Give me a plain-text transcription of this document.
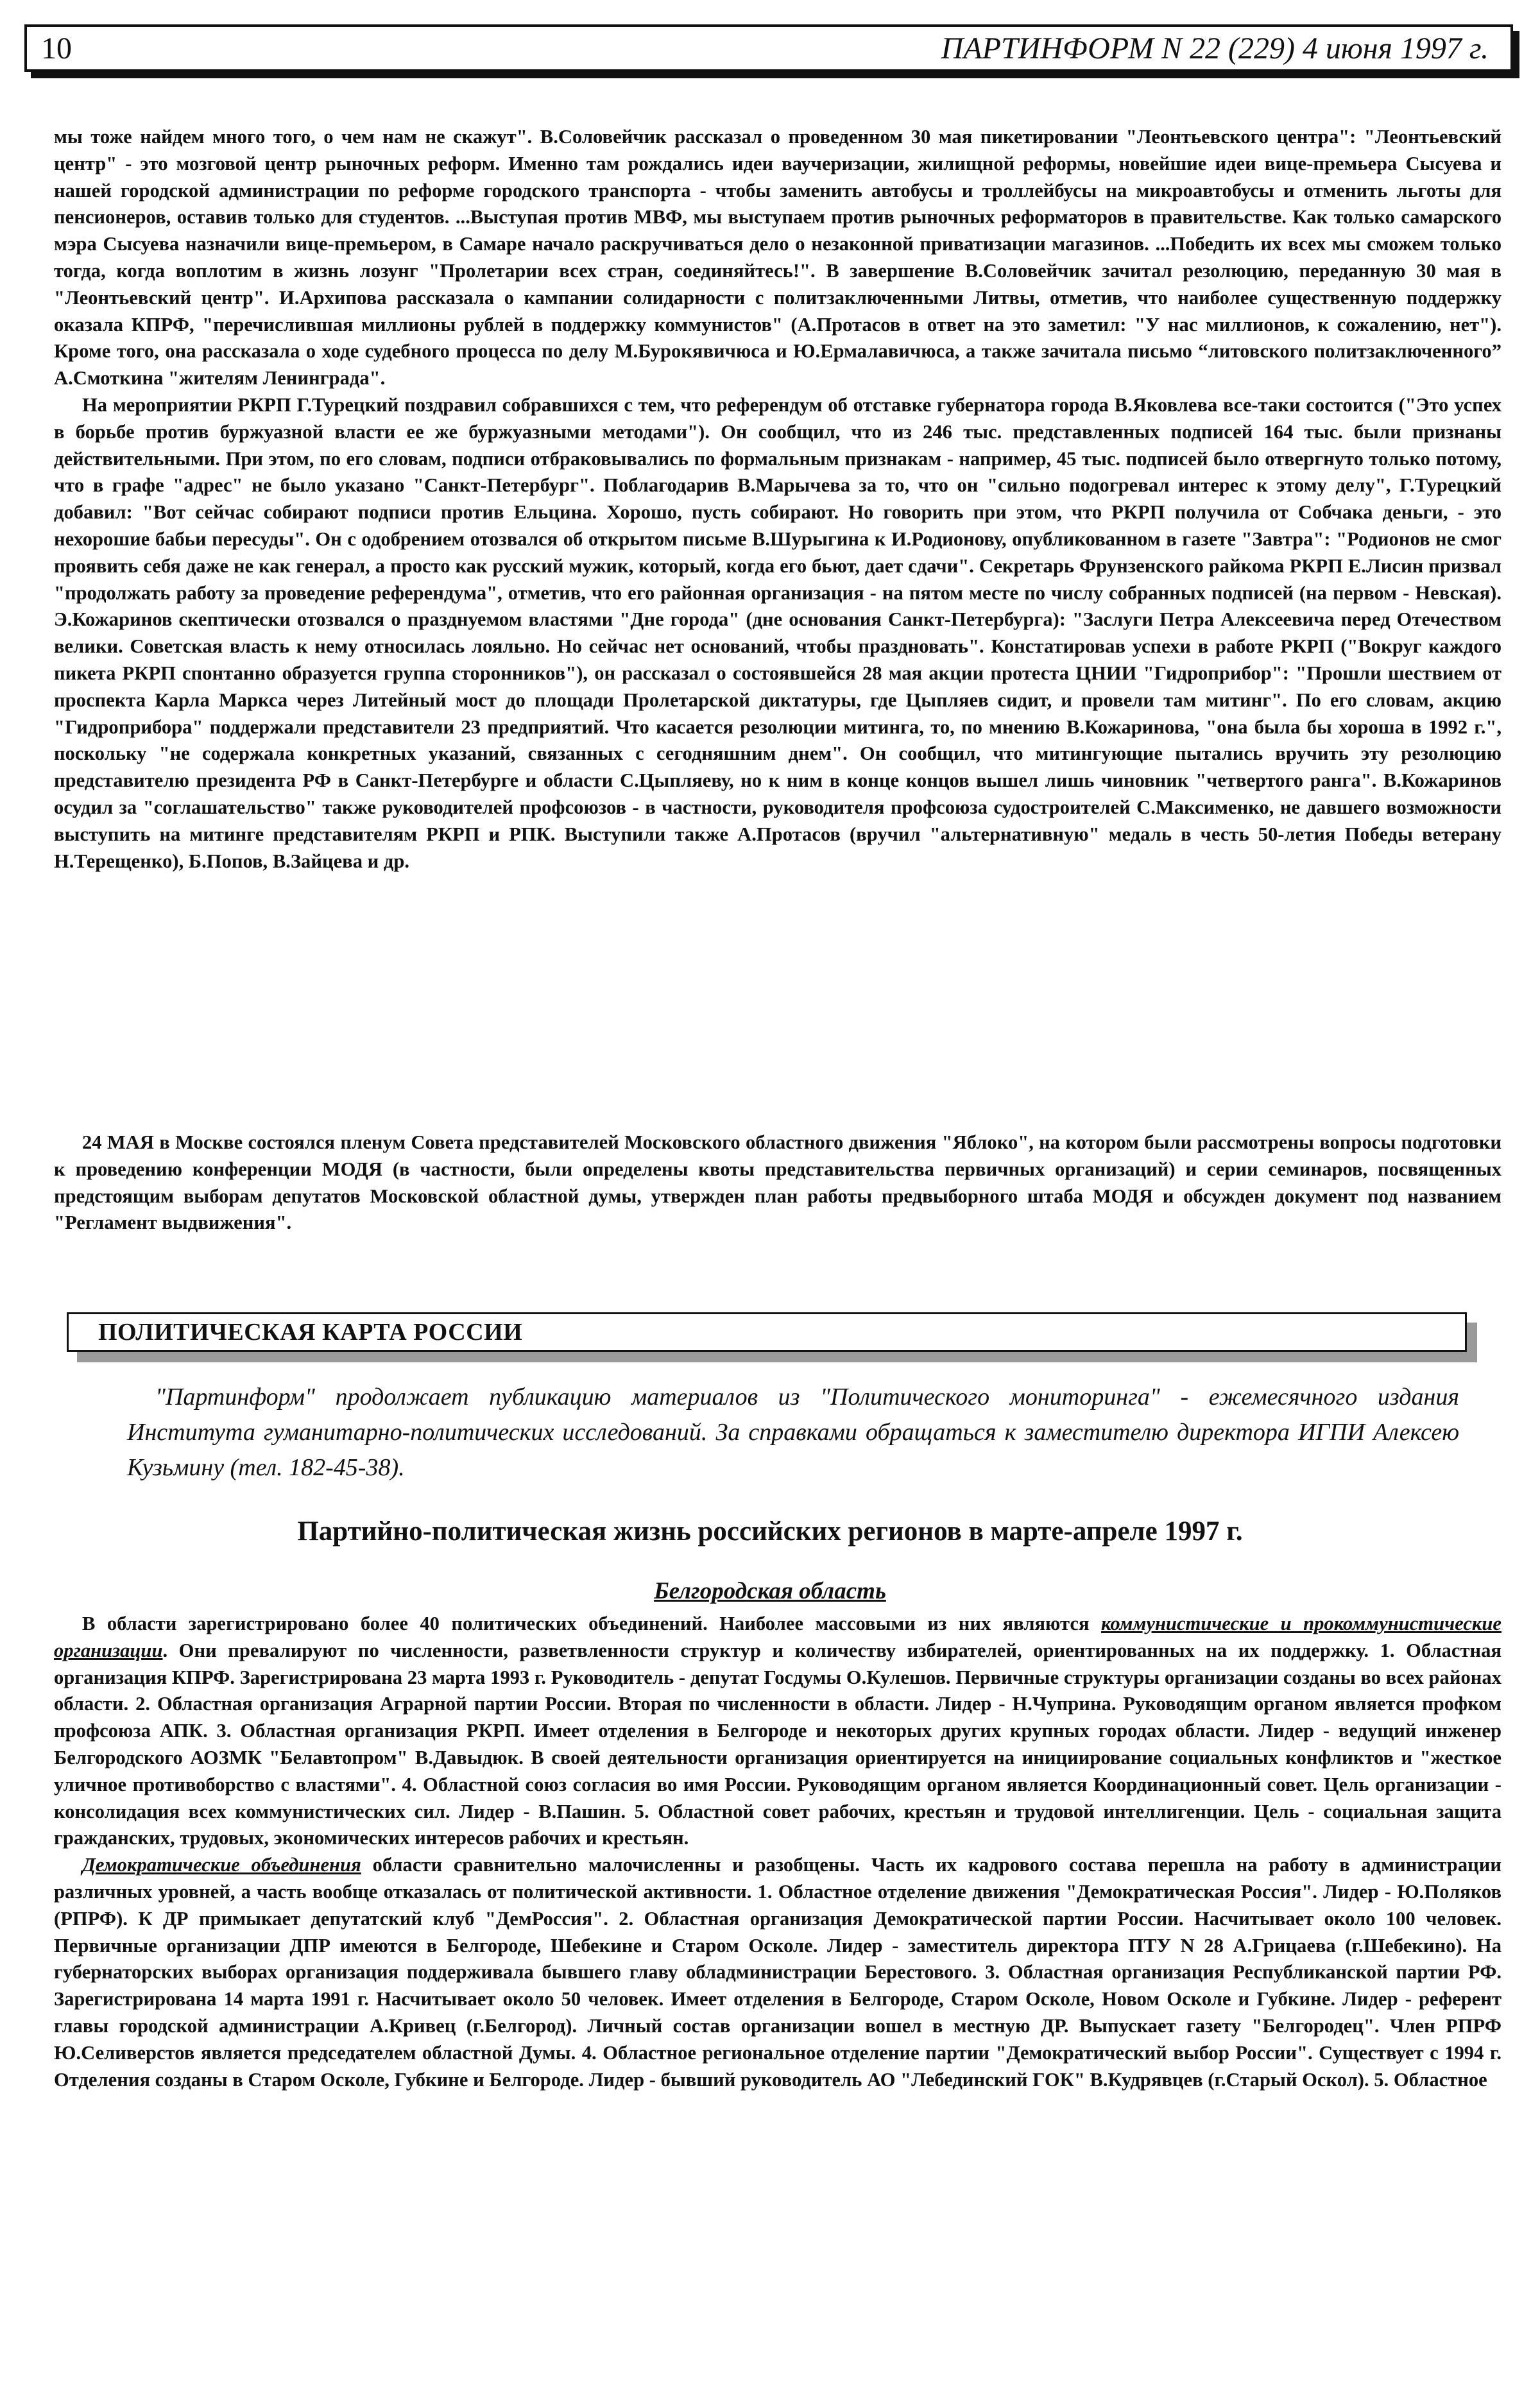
10	ПАРТИНФОРМ N 22 (229) 4 июня 1997 г.

мы тоже найдем много того, о чем нам не скажут". В.Соловейчик рассказал о проведенном 30 мая пикетировании "Леонтьевского центра": "Леонтьевский центр" - это мозговой центр рыночных реформ. Именно там рождались идеи ваучеризации, жилищной реформы, новейшие идеи вице-премьера Сысуева и нашей городской администрации по реформе городского транспорта - чтобы заменить автобусы и троллейбусы на микроавтобусы и отменить льготы для пенсионеров, оставив только для студентов. ...Выступая против МВФ, мы выступаем против рыночных реформаторов в правительстве. Как только самарского мэра Сысуева назначили вице-премьером, в Самаре начало раскручиваться дело о незаконной приватизации магазинов. ...Победить их всех мы сможем только тогда, когда воплотим в жизнь лозунг "Пролетарии всех стран, соединяйтесь!". В завершение В.Соловейчик зачитал резолюцию, переданную 30 мая в "Леонтьевский центр". И.Архипова рассказала о кампании солидарности с политзаключенными Литвы, отметив, что наиболее существенную поддержку оказала КПРФ, "перечислившая миллионы рублей в поддержку коммунистов" (А.Протасов в ответ на это заметил: "У нас миллионов, к сожалению, нет"). Кроме того, она рассказала о ходе судебного процесса по делу М.Бурокявичюса и Ю.Ермалавичюса, а также зачитала письмо “литовского политзаключенного” А.Смоткина "жителям Ленинграда".

На мероприятии РКРП Г.Турецкий поздравил собравшихся с тем, что референдум об отставке губернатора города В.Яковлева все-таки состоится ("Это успех в борьбе против буржуазной власти ее же буржуазными методами"). Он сообщил, что из 246 тыс. представленных подписей 164 тыс. были признаны действительными. При этом, по его словам, подписи отбраковывались по формальным признакам - например, 45 тыс. подписей было отвергнуто только потому, что в графе "адрес" не было указано "Санкт-Петербург". Поблагодарив В.Марычева за то, что он "сильно подогревал интерес к этому делу", Г.Турецкий добавил: "Вот сейчас собирают подписи против Ельцина. Хорошо, пусть собирают. Но говорить при этом, что РКРП получила от Собчака деньги, - это нехорошие бабьи пересуды". Он с одобрением отозвался об открытом письме В.Шурыгина к И.Родионову, опубликованном в газете "Завтра": "Родионов не смог проявить себя даже не как генерал, а просто как русский мужик, который, когда его бьют, дает сдачи". Секретарь Фрунзенского райкома РКРП Е.Лисин призвал "продолжать работу за проведение референдума", отметив, что его районная организация - на пятом месте по числу собранных подписей (на первом - Невская). Э.Кожаринов скептически отозвался о празднуемом властями "Дне города" (дне основания Санкт-Петербурга): "Заслуги Петра Алексеевича перед Отечеством велики. Советская власть к нему относилась лояльно. Но сейчас нет оснований, чтобы праздновать". Констатировав успехи в работе РКРП ("Вокруг каждого пикета РКРП спонтанно образуется группа сторонников"), он рассказал о состоявшейся 28 мая акции протеста ЦНИИ "Гидроприбор": "Прошли шествием от проспекта Карла Маркса через Литейный мост до площади Пролетарской диктатуры, где Цыпляев сидит, и провели там митинг". По его словам, акцию "Гидроприбора" поддержали представители 23 предприятий. Что касается резолюции митинга, то, по мнению В.Кожаринова, "она была бы хороша в 1992 г.", поскольку "не содержала конкретных указаний, связанных с сегодняшним днем". Он сообщил, что митингующие пытались вручить эту резолюцию представителю президента РФ в Санкт-Петербурге и области С.Цыпляеву, но к ним в конце концов вышел лишь чиновник "четвертого ранга". В.Кожаринов осудил за "соглашательство" также руководителей профсоюзов - в частности, руководителя профсоюза судостроителей С.Максименко, не давшего возможности выступить на митинге представителям РКРП и РПК. Выступили также А.Протасов (вручил "альтернативную" медаль в честь 50-летия Победы ветерану Н.Терещенко), Б.Попов, В.Зайцева и др.

24 МАЯ в Москве состоялся пленум Совета представителей Московского областного движения "Яблоко", на котором были рассмотрены вопросы подготовки к проведению конференции МОДЯ (в частности, были определены квоты представительства первичных организаций) и серии семинаров, посвященных предстоящим выборам депутатов Московской областной думы, утвержден план работы предвыборного штаба МОДЯ и обсужден документ под названием "Регламент выдвижения".

ПОЛИТИЧЕСКАЯ КАРТА РОССИИ

"Партинформ" продолжает публикацию материалов из "Политического мониторинга" - ежемесячного издания Института гуманитарно-политических исследований. За справками обращаться к заместителю директора ИГПИ Алексею Кузьмину (тел. 182-45-38).

Партийно-политическая жизнь российских регионов в марте-апреле 1997 г.
Белгородская область

В области зарегистрировано более 40 политических объединений. Наиболее массовыми из них являются коммунистические и прокоммунистические организации. Они превалируют по численности, разветвленности структур и количеству избирателей, ориентированных на их поддержку. 1. Областная организация КПРФ. Зарегистрирована 23 марта 1993 г. Руководитель - депутат Госдумы О.Кулешов. Первичные структуры организации созданы во всех районах области. 2. Областная организация Аграрной партии России. Вторая по численности в области. Лидер - Н.Чуприна. Руководящим органом является профком профсоюза АПК. 3. Областная организация РКРП. Имеет отделения в Белгороде и некоторых других крупных городах области. Лидер - ведущий инженер Белгородского АОЗМК "Белавтопром" В.Давыдюк. В своей деятельности организация ориентируется на инициирование социальных конфликтов и "жесткое уличное противоборство с властями". 4. Областной союз согласия во имя России. Руководящим органом является Координационный совет. Цель организации - консолидация всех коммунистических сил. Лидер - В.Пашин. 5. Областной совет рабочих, крестьян и трудовой интеллигенции. Цель - социальная защита гражданских, трудовых, экономических интересов рабочих и крестьян.

Демократические объединения области сравнительно малочисленны и разобщены. Часть их кадрового состава перешла на работу в администрации различных уровней, а часть вообще отказалась от политической активности. 1. Областное отделение движения "Демократическая Россия". Лидер - Ю.Поляков (РПРФ). К ДР примыкает депутатский клуб "ДемРоссия". 2. Областная организация Демократической партии России. Насчитывает около 100 человек. Первичные организации ДПР имеются в Белгороде, Шебекине и Старом Осколе. Лидер - заместитель директора ПТУ N 28 А.Грицаева (г.Шебекино). На губернаторских выборах организация поддерживала бывшего главу обладминистрации Берестового. 3. Областная организация Республиканской партии РФ. Зарегистрирована 14 марта 1991 г. Насчитывает около 50 человек. Имеет отделения в Белгороде, Старом Осколе, Новом Осколе и Губкине. Лидер - референт главы городской администрации А.Кривец (г.Белгород). Личный состав организации вошел в местную ДР. Выпускает газету "Белгородец". Член РПРФ Ю.Селиверстов является председателем областной Думы. 4. Областное региональное отделение партии "Демократический выбор России". Существует с 1994 г. Отделения созданы в Старом Осколе, Губкине и Белгороде. Лидер - бывший руководитель АО "Лебединский ГОК" В.Кудрявцев (г.Старый Оскол). 5. Областное
